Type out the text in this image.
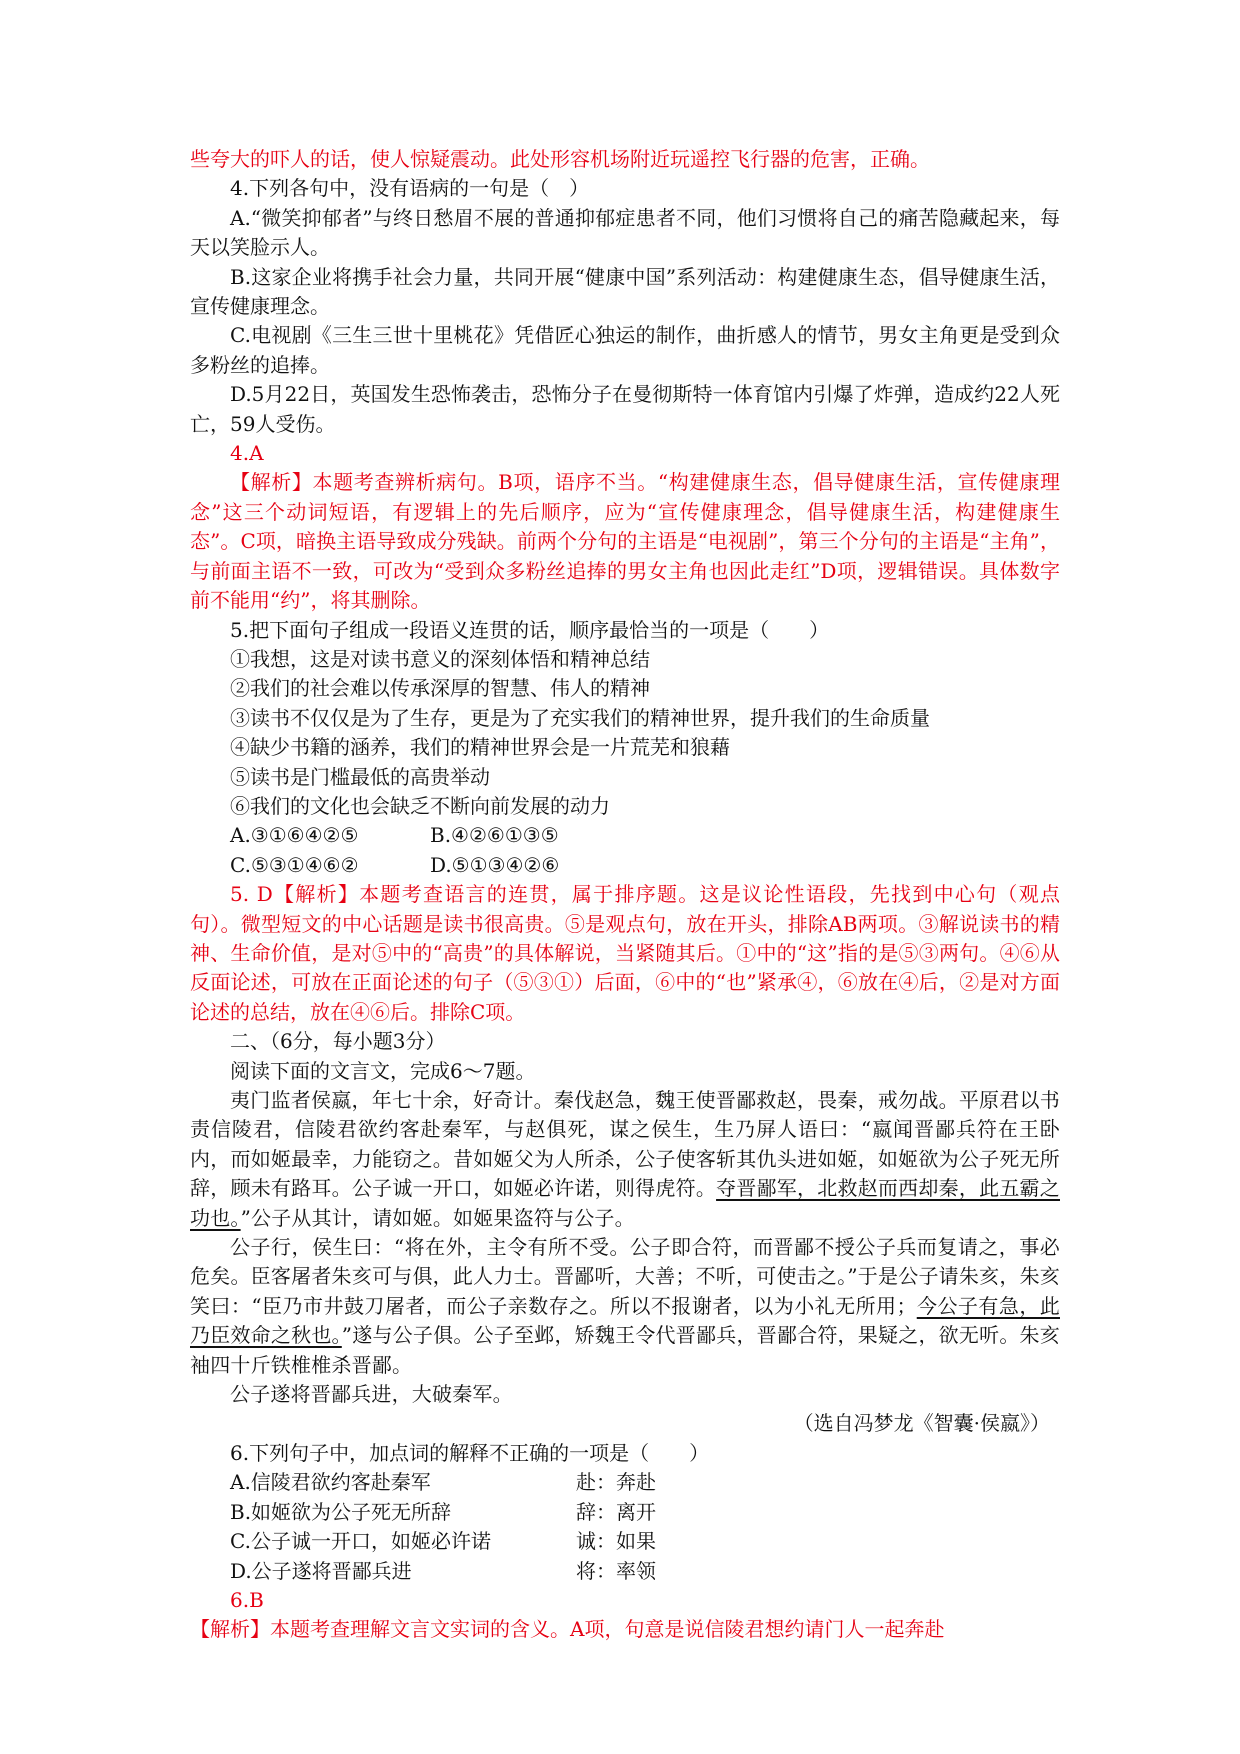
些夸大的吓人的话，使人惊疑震动。此处形容机场附近玩遥控飞行器的危害，正确。

4.下列各句中，没有语病的一句是（　）

A.“微笑抑郁者”与终日愁眉不展的普通抑郁症患者不同，他们习惯将自己的痛苦隐藏起来，每天以笑脸示人。

B.这家企业将携手社会力量，共同开展“健康中国”系列活动：构建健康生态，倡导健康生活，宣传健康理念。

C.电视剧《三生三世十里桃花》凭借匠心独运的制作，曲折感人的情节，男女主角更是受到众多粉丝的追捧。

D.5月22日，英国发生恐怖袭击，恐怖分子在曼彻斯特一体育馆内引爆了炸弹，造成约22人死亡，59人受伤。

4.A

【解析】本题考查辨析病句。B项，语序不当。“构建健康生态，倡导健康生活，宣传健康理念”这三个动词短语，有逻辑上的先后顺序，应为“宣传健康理念，倡导健康生活，构建健康生态”。C项，暗换主语导致成分残缺。前两个分句的主语是“电视剧”，第三个分句的主语是“主角”，与前面主语不一致，可改为“受到众多粉丝追捧的男女主角也因此走红”D项，逻辑错误。具体数字前不能用“约”，将其删除。

5.把下面句子组成一段语义连贯的话，顺序最恰当的一项是（　　）

①我想，这是对读书意义的深刻体悟和精神总结

②我们的社会难以传承深厚的智慧、伟人的精神

③读书不仅仅是为了生存，更是为了充实我们的精神世界，提升我们的生命质量

④缺少书籍的涵养，我们的精神世界会是一片荒芜和狼藉

⑤读书是门槛最低的高贵举动

⑥我们的文化也会缺乏不断向前发展的动力

A.③①⑥④②⑤	B.④②⑥①③⑤
C.⑤③①④⑥②	D.⑤①③④②⑥

5. D【解析】本题考查语言的连贯，属于排序题。这是议论性语段，先找到中心句（观点句）。微型短文的中心话题是读书很高贵。⑤是观点句，放在开头，排除AB两项。③解说读书的精神、生命价值，是对⑤中的“高贵”的具体解说，当紧随其后。①中的“这”指的是⑤③两句。④⑥从反面论述，可放在正面论述的句子（⑤③①）后面，⑥中的“也”紧承④，⑥放在④后，②是对方面论述的总结，放在④⑥后。排除C项。

二、（6分，每小题3分）

阅读下面的文言文，完成6～7题。

夷门监者侯嬴，年七十余，好奇计。秦伐赵急，魏王使晋鄙救赵，畏秦，戒勿战。平原君以书责信陵君，信陵君欲约客赴秦军，与赵俱死，谋之侯生，生乃屏人语曰：“嬴闻晋鄙兵符在王卧内，而如姬最幸，力能窃之。昔如姬父为人所杀，公子使客斩其仇头进如姬，如姬欲为公子死无所辞，顾未有路耳。公子诚一开口，如姬必许诺，则得虎符。夺晋鄙军，北救赵而西却秦，此五霸之功也。”公子从其计，请如姬。如姬果盗符与公子。

公子行，侯生曰：“将在外，主令有所不受。公子即合符，而晋鄙不授公子兵而复请之，事必危矣。臣客屠者朱亥可与俱，此人力士。晋鄙听，大善；不听，可使击之。”于是公子请朱亥，朱亥笑曰：“臣乃市井鼓刀屠者，而公子亲数存之。所以不报谢者，以为小礼无所用；今公子有急，此乃臣效命之秋也。”遂与公子俱。公子至邺，矫魏王令代晋鄙兵，晋鄙合符，果疑之，欲无听。朱亥袖四十斤铁椎椎杀晋鄙。

公子遂将晋鄙兵进，大破秦军。

（选自冯梦龙《智囊·侯嬴》）

6.下列句子中，加点词的解释不正确的一项是（　　）

A.信陵君欲约客赴秦军	赴：奔赴
B.如姬欲为公子死无所辞	辞：离开
C.公子诚一开口，如姬必许诺	诚：如果
D.公子遂将晋鄙兵进	将：率领

6.B

【解析】本题考查理解文言文实词的含义。A项，句意是说信陵君想约请门人一起奔赴
